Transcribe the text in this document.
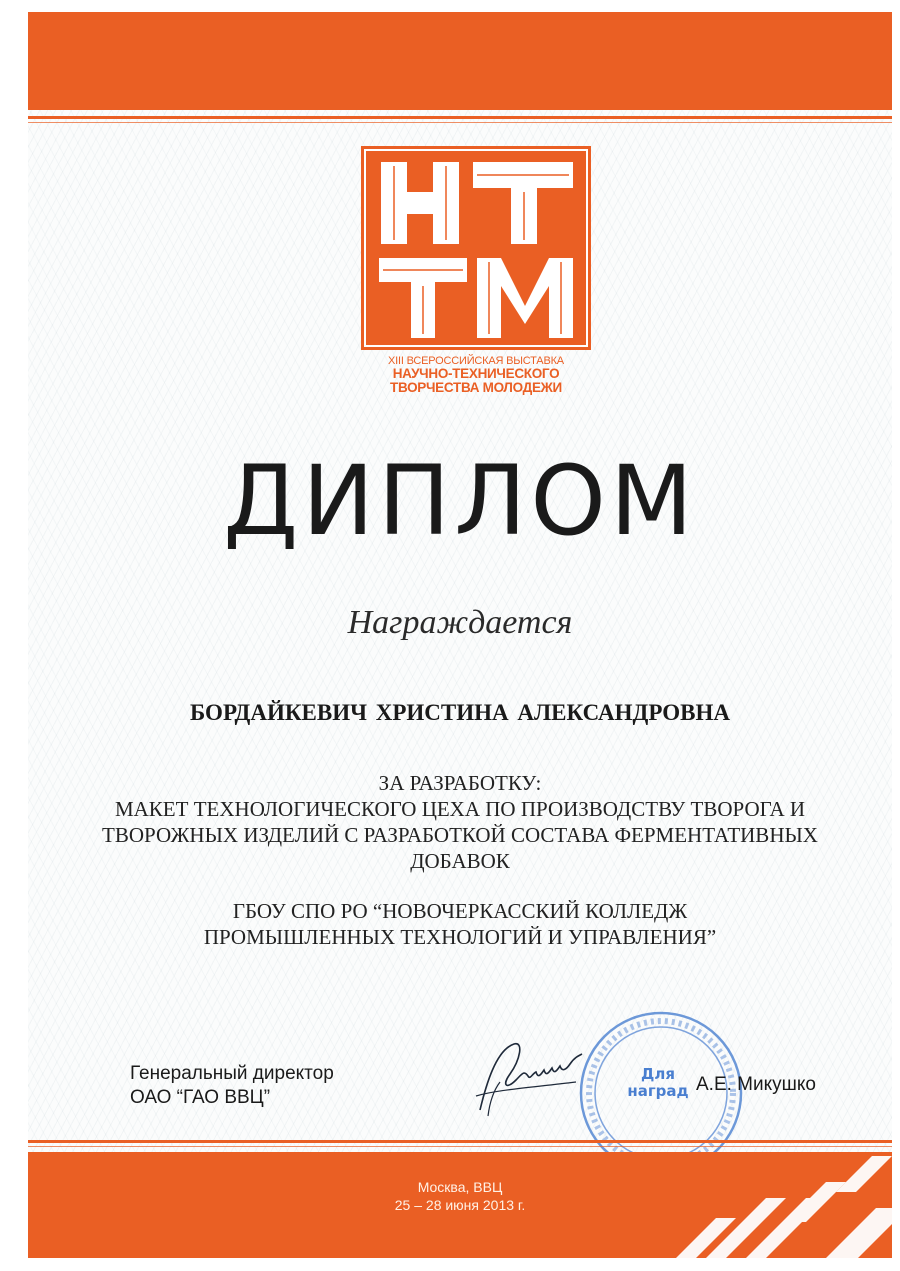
XIII ВСЕРОССИЙСКАЯ ВЫСТАВКА
НАУЧНО-ТЕХНИЧЕСКОГО
ТВОРЧЕСТВА МОЛОДЕЖИ
ДИПЛОМ
Награждается
БОРДАЙКЕВИЧ ХРИСТИНА АЛЕКСАНДРОВНА
ЗА РАЗРАБОТКУ:
МАКЕТ ТЕХНОЛОГИЧЕСКОГО ЦЕХА ПО ПРОИЗВОДСТВУ ТВОРОГА И
ТВОРОЖНЫХ ИЗДЕЛИЙ С РАЗРАБОТКОЙ СОСТАВА ФЕРМЕНТАТИВНЫХ
ДОБАВОК
ГБОУ СПО РО “НОВОЧЕРКАССКИЙ КОЛЛЕДЖ
ПРОМЫШЛЕННЫХ ТЕХНОЛОГИЙ И УПРАВЛЕНИЯ”
Генеральный директор
ОАО “ГАО ВВЦ”
Для
наград А.Е. Микушко
Москва, ВВЦ
25 – 28 июня 2013 г.
